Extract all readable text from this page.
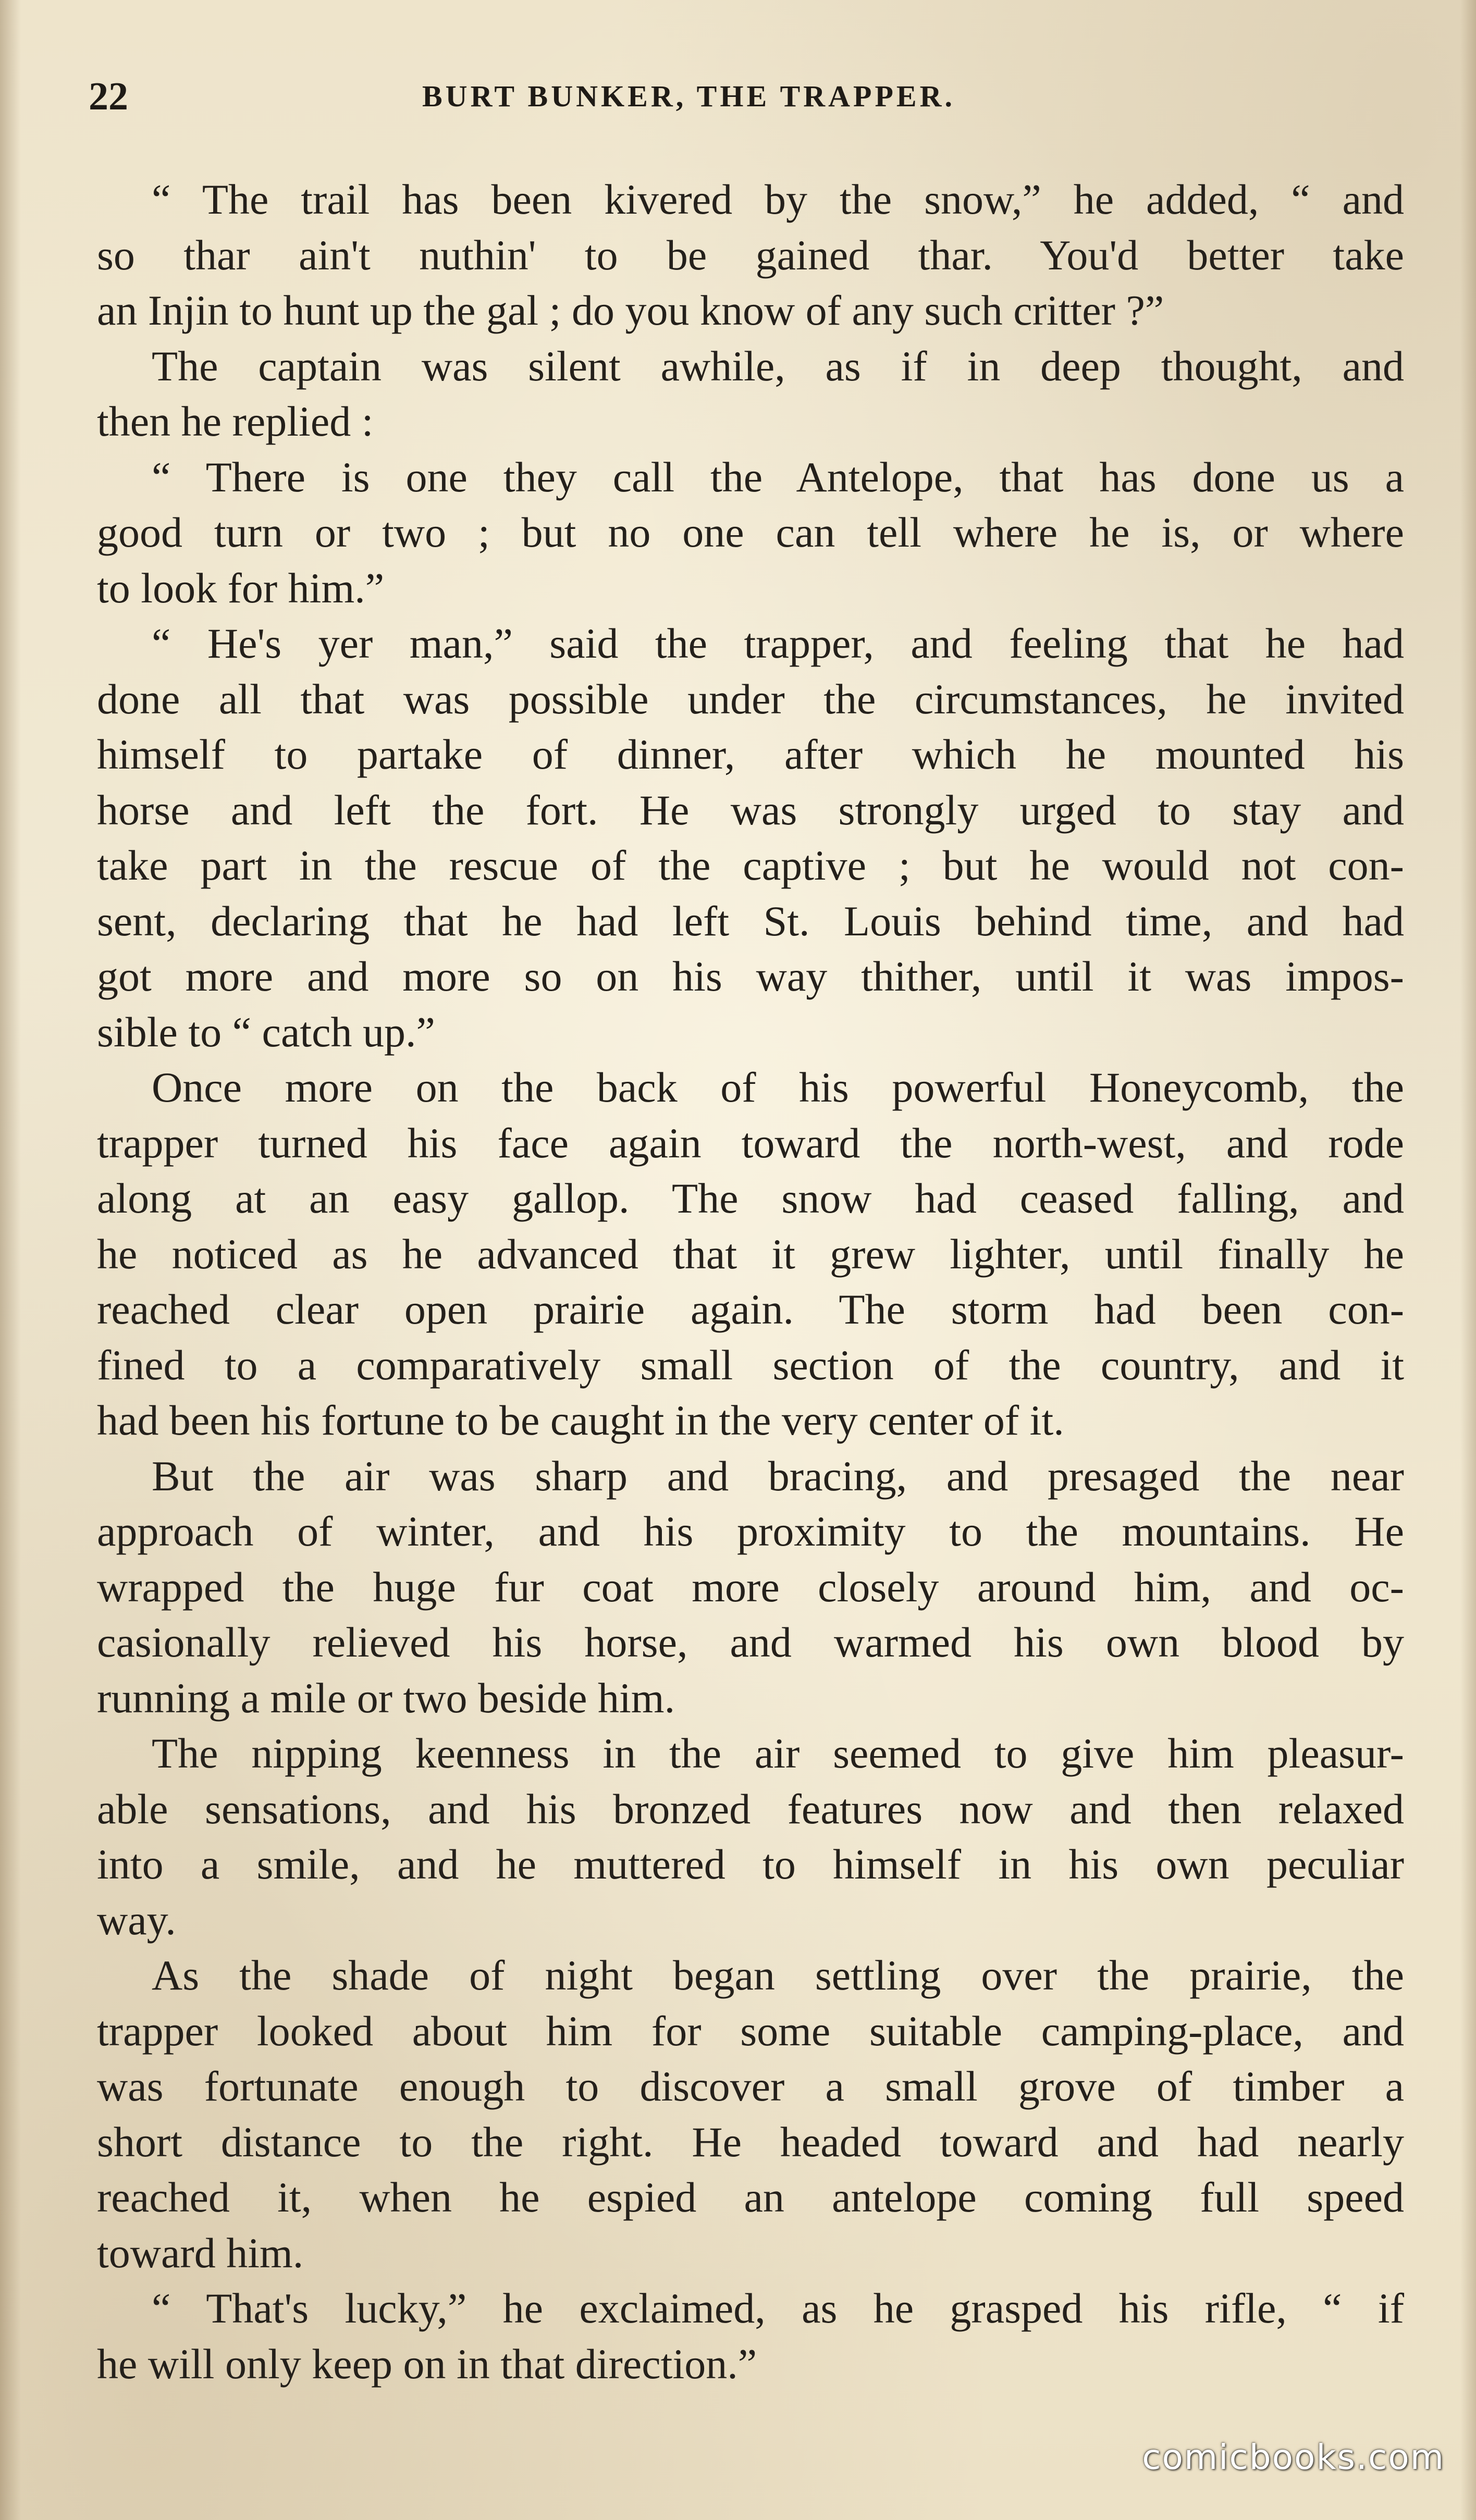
22	BURT BUNKER, THE TRAPPER.
“ The trail has been kivered by the snow,” he added, “ and
so thar ain't nuthin' to be gained thar. You'd better take
an Injin to hunt up the gal ; do you know of any such critter ?”
The captain was silent awhile, as if in deep thought, and
then he replied :
“ There is one they call the Antelope, that has done us a
good turn or two ; but no one can tell where he is, or where
to look for him.”
“ He's yer man,” said the trapper, and feeling that he had
done all that was possible under the circumstances, he invited
himself to partake of dinner, after which he mounted his
horse and left the fort. He was strongly urged to stay and
take part in the rescue of the captive ; but he would not con-
sent, declaring that he had left St. Louis behind time, and had
got more and more so on his way thither, until it was impos-
sible to “ catch up.”
Once more on the back of his powerful Honeycomb, the
trapper turned his face again toward the north-west, and rode
along at an easy gallop. The snow had ceased falling, and
he noticed as he advanced that it grew lighter, until finally he
reached clear open prairie again. The storm had been con-
fined to a comparatively small section of the country, and it
had been his fortune to be caught in the very center of it.
But the air was sharp and bracing, and presaged the near
approach of winter, and his proximity to the mountains. He
wrapped the huge fur coat more closely around him, and oc-
casionally relieved his horse, and warmed his own blood by
running a mile or two beside him.
The nipping keenness in the air seemed to give him pleasur-
able sensations, and his bronzed features now and then relaxed
into a smile, and he muttered to himself in his own peculiar
way.
As the shade of night began settling over the prairie, the
trapper looked about him for some suitable camping-place, and
was fortunate enough to discover a small grove of timber a
short distance to the right. He headed toward and had nearly
reached it, when he espied an antelope coming full speed
toward him.
“ That's lucky,” he exclaimed, as he grasped his rifle, “ if
he will only keep on in that direction.”
comicbooks.com
